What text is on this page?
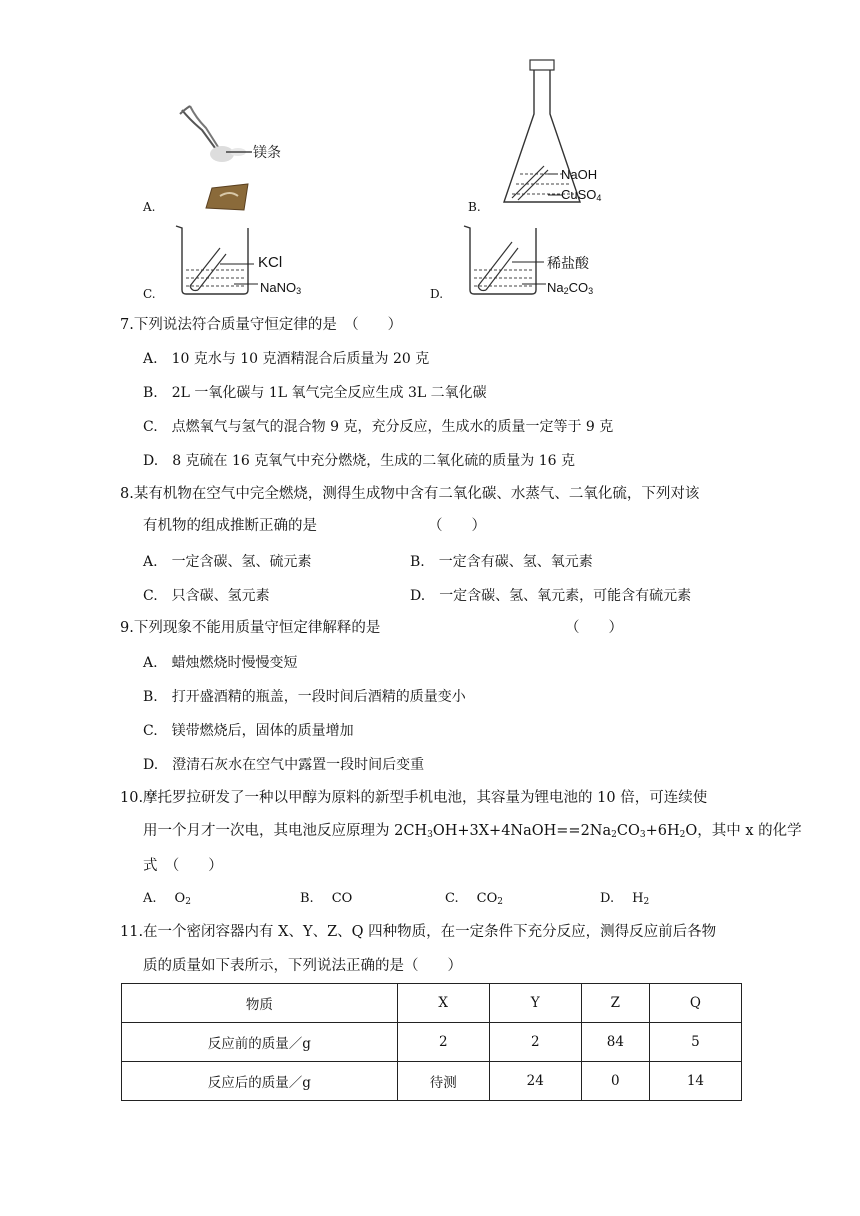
镁条
A.
NaOH
CuSO$_4$
B.
KCl
NaNO$_3$
C.
稀盐酸
$Na_2CO_3$
D.
7.下列说法符合质量守恒定律的是　（　　）
A. 10 克水与 10 克酒精混合后质量为 20 克
B. 2L 一氧化碳与 1L 氧气完全反应生成 3L 二氧化碳
C. 点燃氧气与氢气的混合物 9 克，充分反应，生成水的质量一定等于 9 克
D. 8 克硫在 16 克氧气中充分燃烧，生成的二氧化硫的质量为 16 克
8.某有机物在空气中完全燃烧，测得生成物中含有二氧化碳、水蒸气、二氧化硫，下列对该
有机物的组成推断正确的是	（　　）
A. 一定含碳、氢、硫元素	B. 一定含有碳、氢、氧元素
C. 只含碳、氢元素	D. 一定含碳、氢、氧元素，可能含有硫元素
9.下列现象不能用质量守恒定律解释的是	（　　）
A. 蜡烛燃烧时慢慢变短
B. 打开盛酒精的瓶盖，一段时间后酒精的质量变小
C. 镁带燃烧后，固体的质量增加
D. 澄清石灰水在空气中露置一段时间后变重
10.摩托罗拉研发了一种以甲醇为原料的新型手机电池，其容量为锂电池的 10 倍，可连续使
用一个月才一次电，其电池反应原理为 $2CH_3OH+3X+4NaOH==2Na_2CO_3+6H_2O$，其中 x 的化学
式　（　　）
A. $O_2$	B. CO	C. $CO_2$	D. $H_2$
11.在一个密闭容器内有 X、Y、Z、Q 四种物质，在一定条件下充分反应，测得反应前后各物
质的质量如下表所示，下列说法正确的是（　　）
物质	X	Y	Z	Q
反应前的质量／g	2	2	84	5
反应后的质量／g	待测	24	0	14
